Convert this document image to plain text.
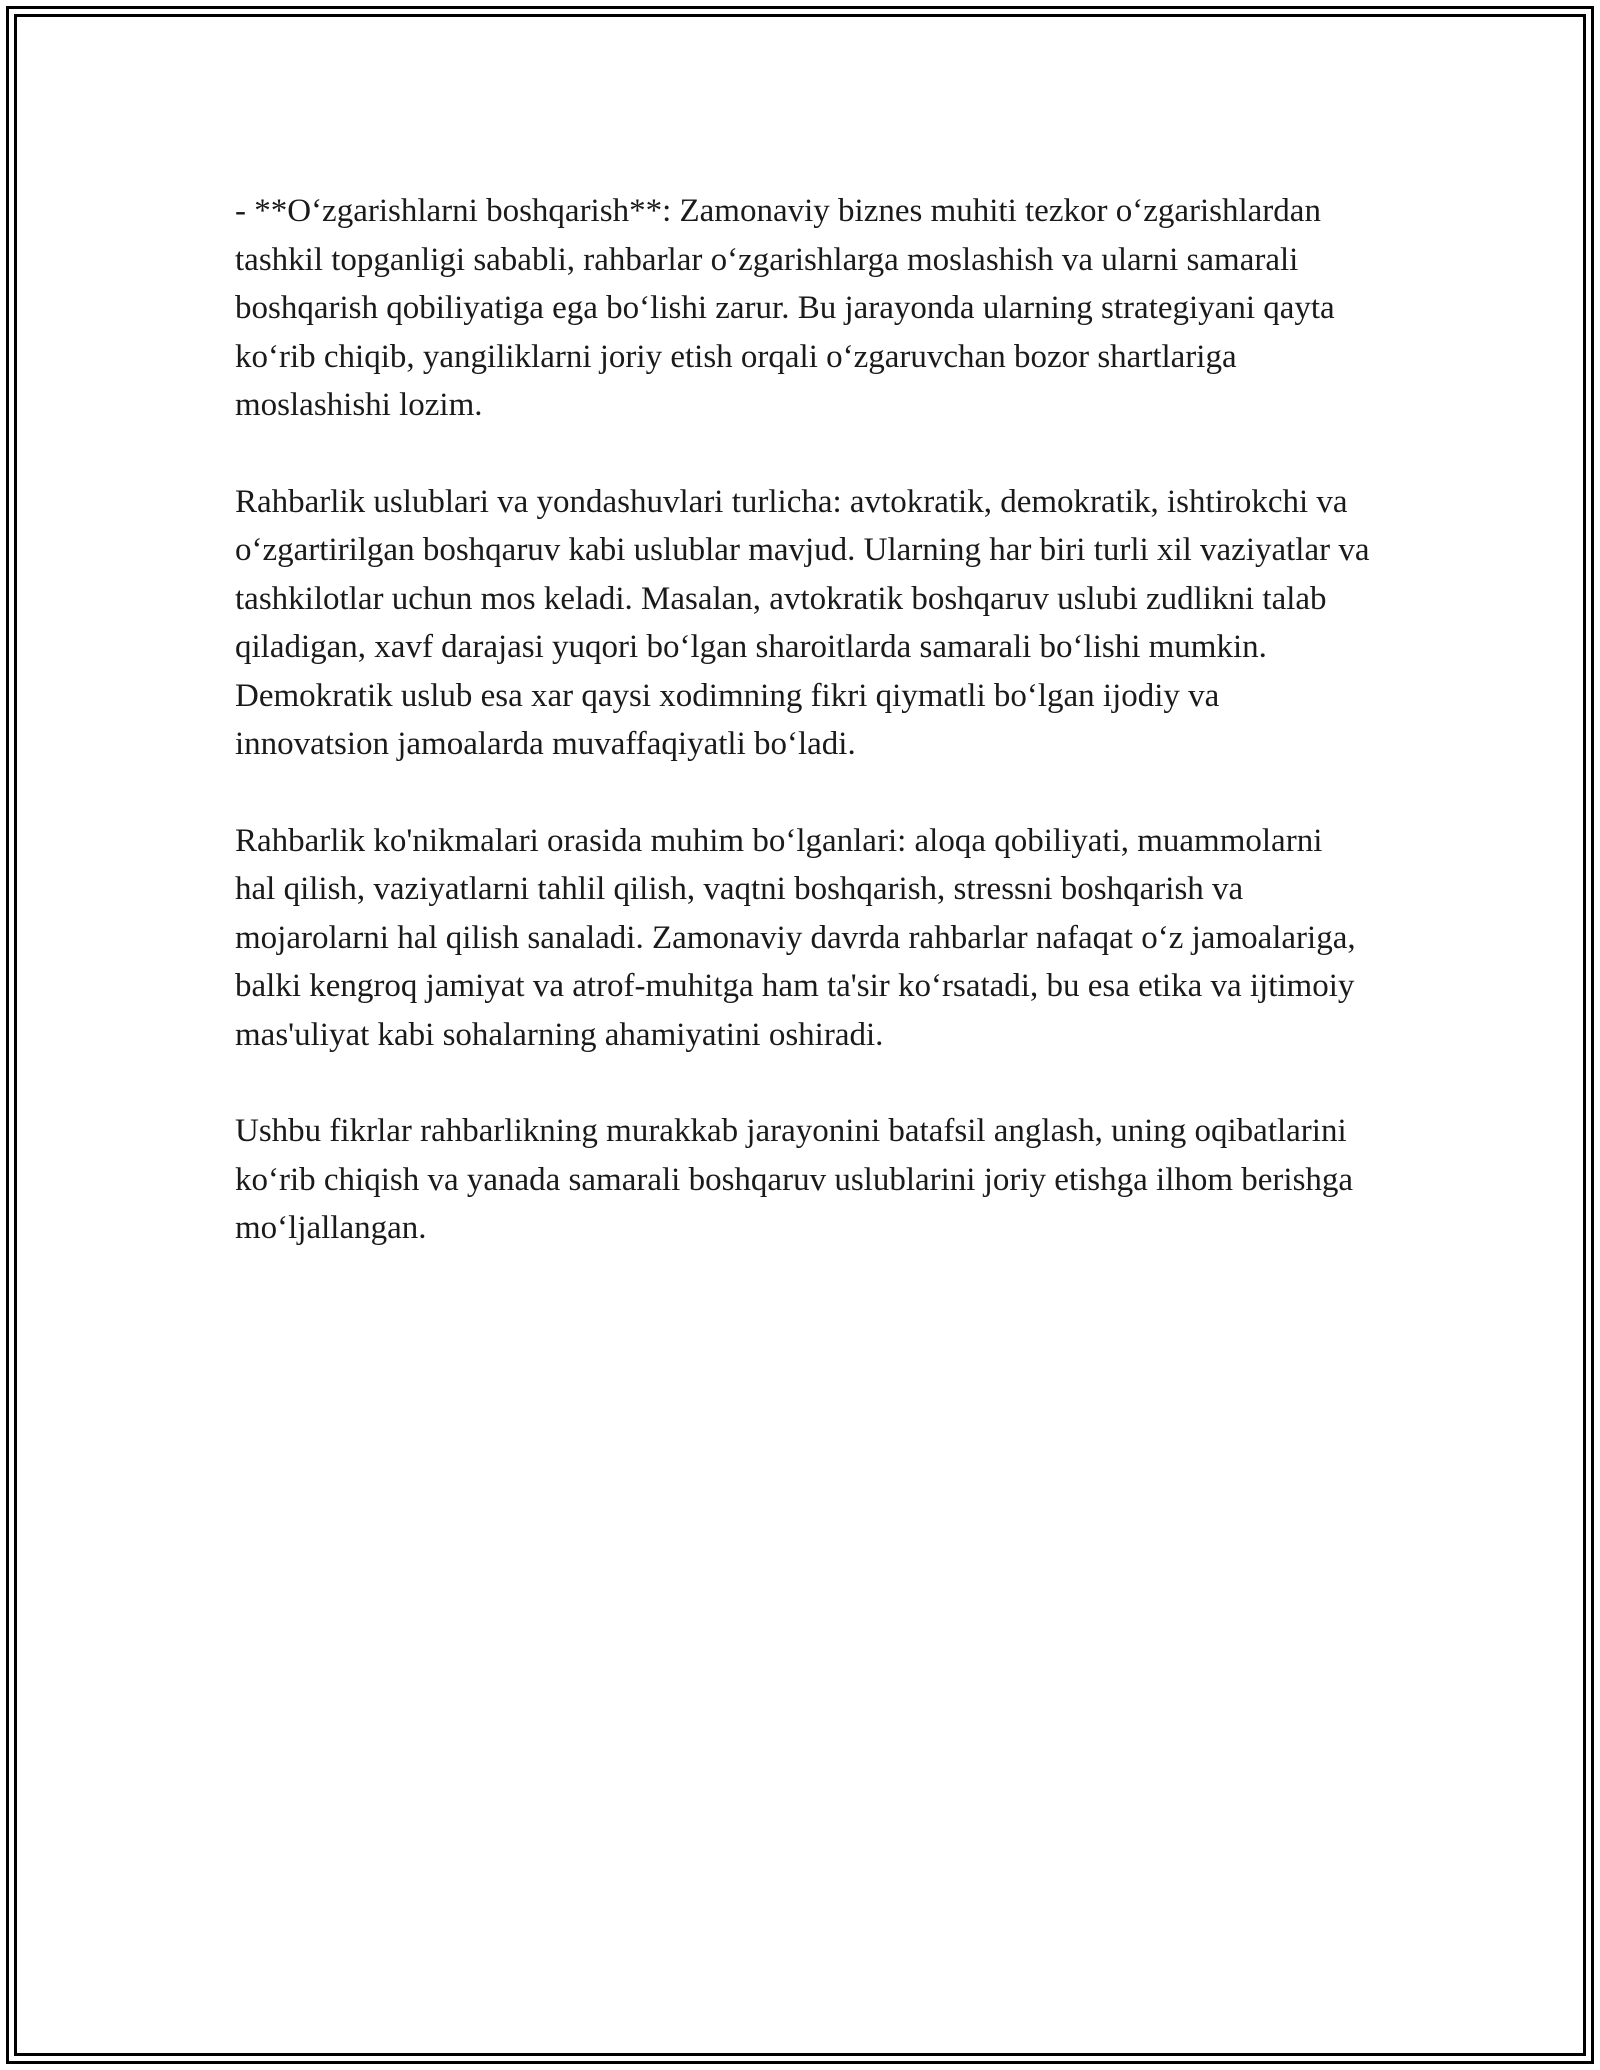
- **O‘zgarishlarni boshqarish**: Zamonaviy biznes muhiti tezkor o‘zgarishlardan tashkil topganligi sababli, rahbarlar o‘zgarishlarga moslashish va ularni samarali boshqarish qobiliyatiga ega bo‘lishi zarur. Bu jarayonda ularning strategiyani qayta ko‘rib chiqib, yangiliklarni joriy etish orqali o‘zgaruvchan bozor shartlariga moslashishi lozim.

Rahbarlik uslublari va yondashuvlari turlicha: avtokratik, demokratik, ishtirokchi va o‘zgartirilgan boshqaruv kabi uslublar mavjud. Ularning har biri turli xil vaziyatlar va tashkilotlar uchun mos keladi. Masalan, avtokratik boshqaruv uslubi zudlikni talab qiladigan, xavf darajasi yuqori bo‘lgan sharoitlarda samarali bo‘lishi mumkin. Demokratik uslub esa xar qaysi xodimning fikri qiymatli bo‘lgan ijodiy va innovatsion jamoalarda muvaffaqiyatli bo‘ladi.

Rahbarlik ko'nikmalari orasida muhim bo‘lganlari: aloqa qobiliyati, muammolarni hal qilish, vaziyatlarni tahlil qilish, vaqtni boshqarish, stressni boshqarish va mojarolarni hal qilish sanaladi. Zamonaviy davrda rahbarlar nafaqat o‘z jamoalariga, balki kengroq jamiyat va atrof-muhitga ham ta'sir ko‘rsatadi, bu esa etika va ijtimoiy mas'uliyat kabi sohalarning ahamiyatini oshiradi.

Ushbu fikrlar rahbarlikning murakkab jarayonini batafsil anglash, uning oqibatlarini ko‘rib chiqish va yanada samarali boshqaruv uslublarini joriy etishga ilhom berishga mo‘ljallangan.
